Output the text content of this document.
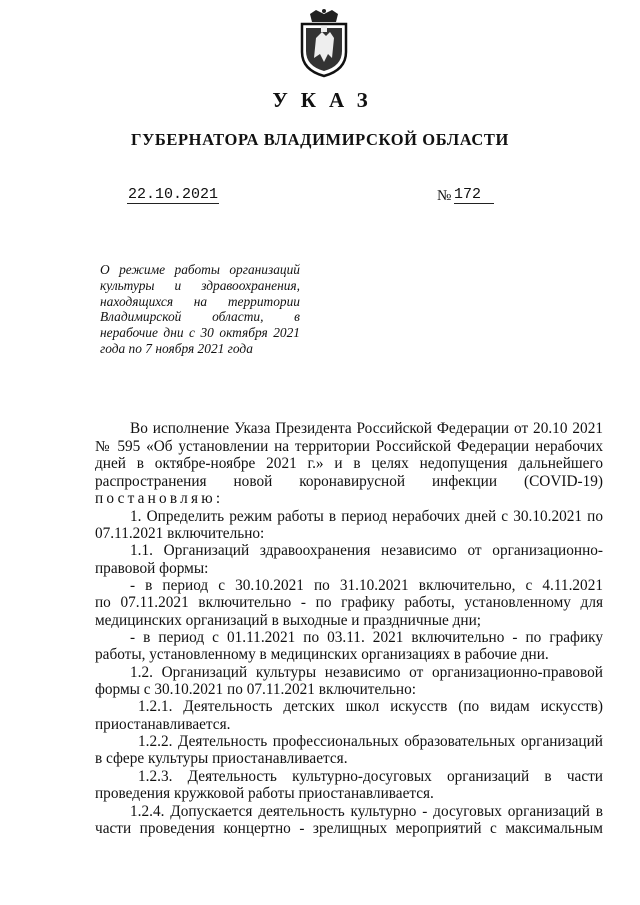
УКАЗ
ГУБЕРНАТОРА ВЛАДИМИРСКОЙ ОБЛАСТИ
22.10.2021	№ 172
О режиме работы организаций
культуры и здравоохранения,
находящихся на территории
Владимирской области, в
нерабочие дни с 30 октября 2021
года по 7 ноября 2021 года
Во исполнение Указа Президента Российской Федерации от 20.10 2021
№ 595 «Об установлении на территории Российской Федерации нерабочих
дней в октябре-ноябре 2021 г.» и в целях недопущения дальнейшего
распространения новой коронавирусной инфекции (COVID-19)
постановляю:
1. Определить режим работы в период нерабочих дней с 30.10.2021 по
07.11.2021 включительно:
1.1. Организаций здравоохранения независимо от организационно-
правовой формы:
- в период с 30.10.2021 по 31.10.2021 включительно, с 4.11.2021
по 07.11.2021 включительно - по графику работы, установленному для
медицинских организаций в выходные и праздничные дни;
- в период с 01.11.2021 по 03.11. 2021 включительно - по графику
работы, установленному в медицинских организациях в рабочие дни.
1.2. Организаций культуры независимо от организационно-правовой
формы с 30.10.2021 по 07.11.2021 включительно:
1.2.1. Деятельность детских школ искусств (по видам искусств)
приостанавливается.
1.2.2. Деятельность профессиональных образовательных организаций
в сфере культуры приостанавливается.
1.2.3. Деятельность культурно-досуговых организаций в части
проведения кружковой работы приостанавливается.
1.2.4. Допускается деятельность культурно - досуговых организаций в
части проведения концертно - зрелищных мероприятий с максимальным
